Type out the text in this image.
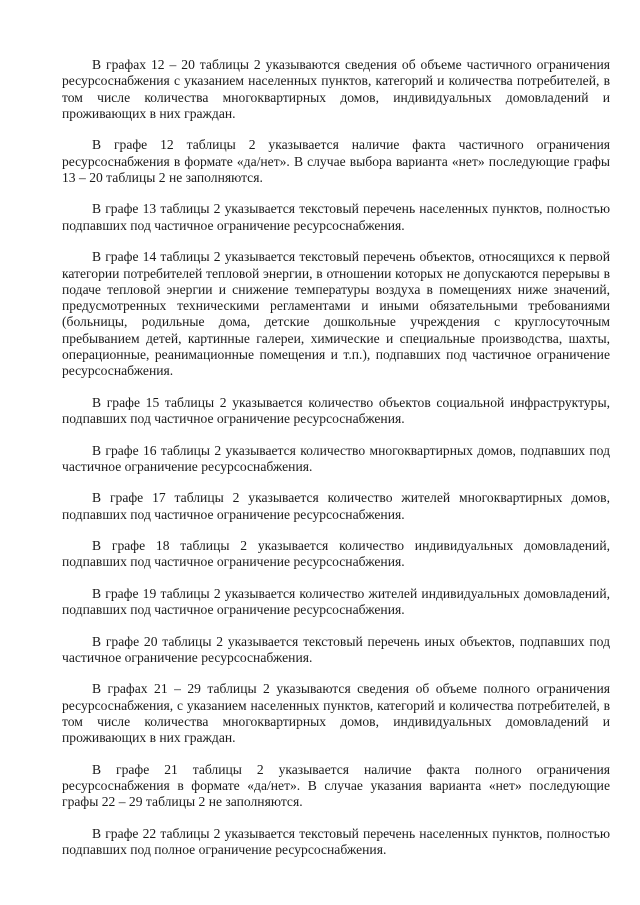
В графах 12 – 20 таблицы 2 указываются сведения об объеме частичного ограничения ресурсоснабжения с указанием населенных пунктов, категорий и количества потребителей, в том числе количества многоквартирных домов, индивидуальных домовладений и проживающих в них граждан.

В графе 12 таблицы 2 указывается наличие факта частичного ограничения ресурсоснабжения в формате «да/нет». В случае выбора варианта «нет» последующие графы 13 – 20 таблицы 2 не заполняются.

В графе 13 таблицы 2 указывается текстовый перечень населенных пунктов, полностью подпавших под частичное ограничение ресурсоснабжения.

В графе 14 таблицы 2 указывается текстовый перечень объектов, относящихся к первой категории потребителей тепловой энергии, в отношении которых не допускаются перерывы в подаче тепловой энергии и снижение температуры воздуха в помещениях ниже значений, предусмотренных техническими регламентами и иными обязательными требованиями (больницы, родильные дома, детские дошкольные учреждения с круглосуточным пребыванием детей, картинные галереи, химические и специальные производства, шахты, операционные, реанимационные помещения и т.п.), подпавших под частичное ограничение ресурсоснабжения.

В графе 15 таблицы 2 указывается количество объектов социальной инфраструктуры, подпавших под частичное ограничение ресурсоснабжения.

В графе 16 таблицы 2 указывается количество многоквартирных домов, подпавших под частичное ограничение ресурсоснабжения.

В графе 17 таблицы 2 указывается количество жителей многоквартирных домов, подпавших под частичное ограничение ресурсоснабжения.

В графе 18 таблицы 2 указывается количество индивидуальных домовладений, подпавших под частичное ограничение ресурсоснабжения.

В графе 19 таблицы 2 указывается количество жителей индивидуальных домовладений, подпавших под частичное ограничение ресурсоснабжения.

В графе 20 таблицы 2 указывается текстовый перечень иных объектов, подпавших под частичное ограничение ресурсоснабжения.

В графах 21 – 29 таблицы 2 указываются сведения об объеме полного ограничения ресурсоснабжения, с указанием населенных пунктов, категорий и количества потребителей, в том числе количества многоквартирных домов, индивидуальных домовладений и проживающих в них граждан.

В графе 21 таблицы 2 указывается наличие факта полного ограничения ресурсоснабжения в формате «да/нет». В случае указания варианта «нет» последующие графы 22 – 29 таблицы 2 не заполняются.

В графе 22 таблицы 2 указывается текстовый перечень населенных пунктов, полностью подпавших под полное ограничение ресурсоснабжения.
